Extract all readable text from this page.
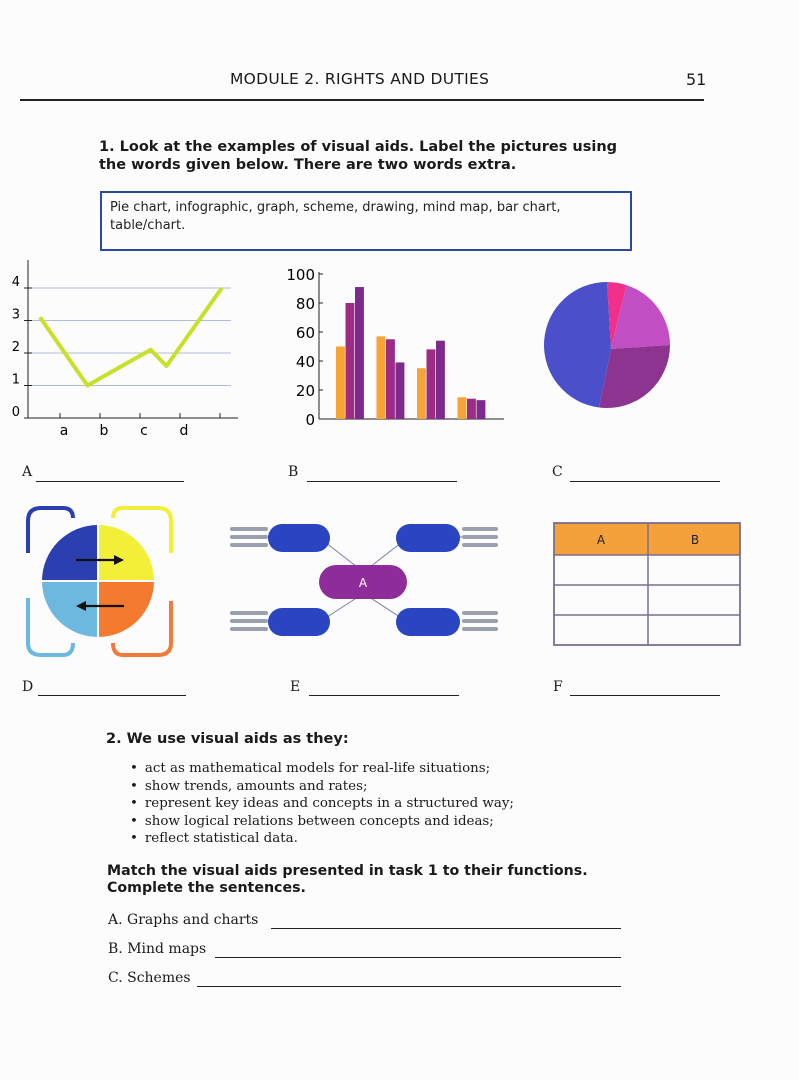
MODULE 2. RIGHTS AND DUTIES	51
1. Look at the examples of visual aids. Label the pictures using the words given below. There are two words extra.
Pie chart, infographic, graph, scheme, drawing, mind map, bar chart, table/chart.
0
1
2
3
4
a b c d
0
20
40
60
80
100
A	B	C
A
A	B
D	E	F
2. We use visual aids as they:
• act as mathematical models for real-life situations;
• show trends, amounts and rates;
• represent key ideas and concepts in a structured way;
• show logical relations between concepts and ideas;
• reflect statistical data.
Match the visual aids presented in task 1 to their functions. Complete the sentences.
A. Graphs and charts
B. Mind maps
C. Schemes
